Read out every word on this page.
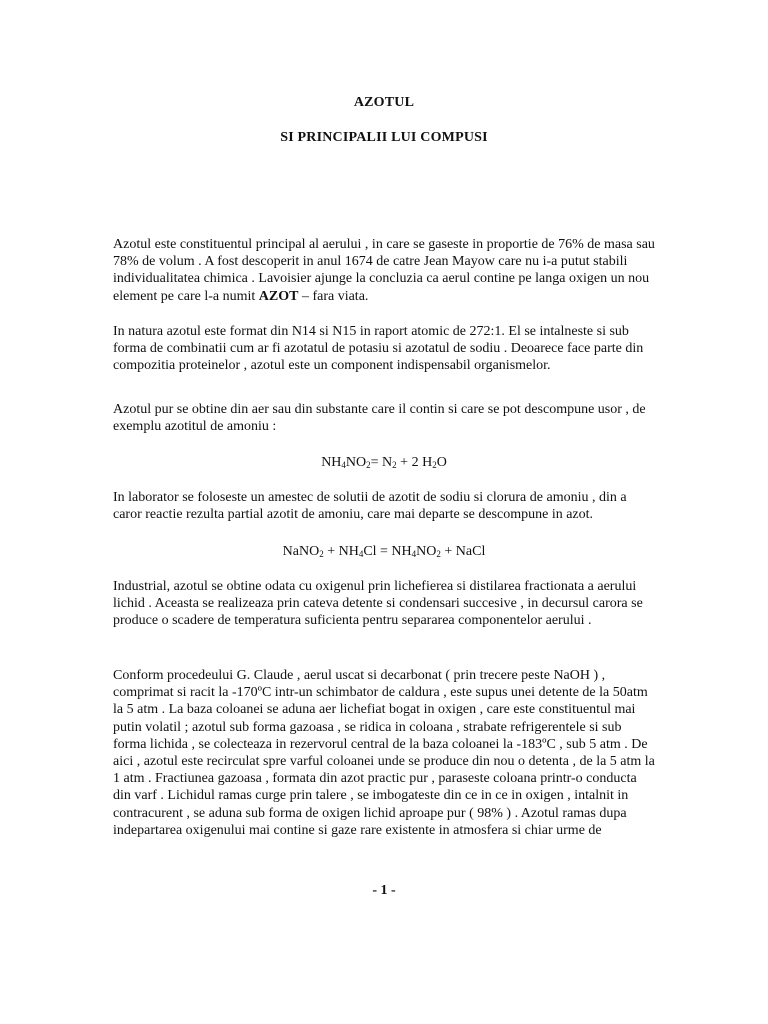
AZOTUL
SI PRINCIPALII LUI COMPUSI
Azotul este constituentul principal al aerului , in care se gaseste in proportie de 76% de masa sau 78% de volum . A fost descoperit in anul 1674 de catre Jean Mayow care nu i-a putut stabili individualitatea chimica . Lavoisier ajunge la concluzia ca aerul contine pe langa oxigen un nou element pe care l-a numit AZOT – fara viata.
In natura azotul este format din N14 si N15 in raport atomic de 272:1. El se intalneste si sub forma de combinatii cum ar fi azotatul de potasiu si azotatul de sodiu . Deoarece face parte din compozitia proteinelor , azotul este un component indispensabil organismelor.
Azotul pur se obtine din aer sau din substante care il contin si care se pot descompune usor , de exemplu azotitul de amoniu :
$NH_4NO_2= N_2 + 2$ $H_2O$
In laborator se foloseste un amestec de solutii de azotit de sodiu si clorura de amoniu , din a caror reactie rezulta partial azotit de amoniu, care mai departe se descompune in azot.
NaNO$_2$ + $NH_4Cl = NH_4NO_2$ + NaCl
Industrial, azotul se obtine odata cu oxigenul prin lichefierea si distilarea fractionata a aerului lichid . Aceasta se realizeaza prin cateva detente si condensari succesive , in decursul carora se produce o scadere de temperatura suficienta pentru separarea componentelor aerului .
Conform procedeului G. Claude , aerul uscat si decarbonat ( prin trecere peste NaOH ) , comprimat si racit la -170ºC intr-un schimbator de caldura , este supus unei detente de la 50atm la 5 atm . La baza coloanei se aduna aer lichefiat bogat in oxigen , care este constituentul mai putin volatil ; azotul sub forma gazoasa , se ridica in coloana , strabate refrigerentele si sub forma lichida , se colecteaza in rezervorul central de la baza coloanei la -183ºC , sub 5 atm . De aici , azotul este recirculat spre varful coloanei unde se produce din nou o detenta , de la 5 atm la 1 atm . Fractiunea gazoasa , formata din azot practic pur , paraseste coloana printr-o conducta din varf . Lichidul ramas curge prin talere , se imbogateste din ce in ce in oxigen , intalnit in contracurent , se aduna sub forma de oxigen lichid aproape pur ( 98% ) . Azotul ramas dupa indepartarea oxigenului mai contine si gaze rare existente in atmosfera si chiar urme de
- 1 -
